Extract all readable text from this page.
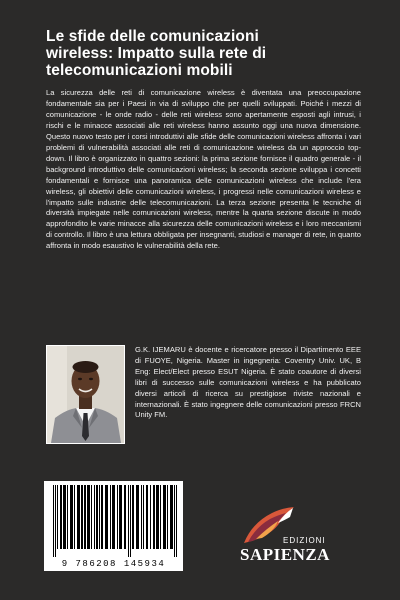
Le sfide delle comunicazioni
wireless: Impatto sulla rete di
telecomunicazioni mobili
La sicurezza delle reti di comunicazione wireless è diventata una preoccupazione fondamentale sia per i Paesi in via di sviluppo che per quelli sviluppati. Poiché i mezzi di comunicazione - le onde radio - delle reti wireless sono apertamente esposti agli intrusi, i rischi e le minacce associati alle reti wireless hanno assunto oggi una nuova dimensione. Questo nuovo testo per i corsi introduttivi alle sfide delle comunicazioni wireless affronta i vari problemi di vulnerabilità associati alle reti di comunicazione wireless da un approccio top-down. Il libro è organizzato in quattro sezioni: la prima sezione fornisce il quadro generale - il background introduttivo delle comunicazioni wireless; la seconda sezione sviluppa i concetti fondamentali e fornisce una panoramica delle comunicazioni wireless che include l'era wireless, gli obiettivi delle comunicazioni wireless, i progressi nelle comunicazioni wireless e l'impatto sulle industrie delle telecomunicazioni. La terza sezione presenta le tecniche di diversità impiegate nelle comunicazioni wireless, mentre la quarta sezione discute in modo approfondito le varie minacce alla sicurezza delle comunicazioni wireless e i loro meccanismi di controllo. Il libro è una lettura obbligata per insegnanti, studiosi e manager di rete, in quanto affronta in modo esaustivo le vulnerabilità della rete.
G.K. IJEMARU è docente e ricercatore presso il Dipartimento EEE di FUOYE, Nigeria. Master in ingegneria: Coventry Univ. UK, B Eng: Elect/Elect presso ESUT Nigeria. È stato coautore di diversi libri di successo sulle comunicazioni wireless e ha pubblicato diversi articoli di ricerca su prestigiose riviste nazionali e internazionali. È stato ingegnere delle comunicazioni presso FRCN Unity FM.
9 786208 145934
EDIZIONI
SAPIENZA
